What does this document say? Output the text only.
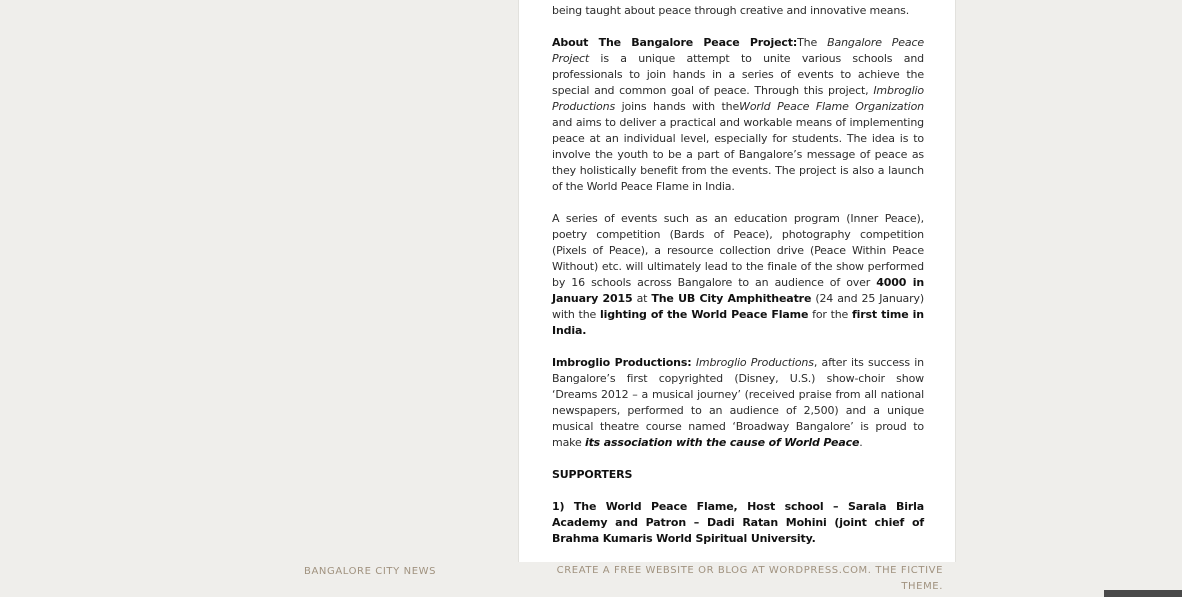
being taught about peace through creative and innovative means.

About The Bangalore Peace Project:The Bangalore Peace Project is a unique attempt to unite various schools and professionals to join hands in a series of events to achieve the special and common goal of peace. Through this project, Imbroglio Productions joins hands with theWorld Peace Flame Organization and aims to deliver a practical and workable means of implementing peace at an individual level, especially for students. The idea is to involve the youth to be a part of Bangalore’s message of peace as they holistically benefit from the events. The project is also a launch of the World Peace Flame in India.

A series of events such as an education program (Inner Peace), poetry competition (Bards of Peace), photography competition (Pixels of Peace), a resource collection drive (Peace Within Peace Without) etc. will ultimately lead to the finale of the show performed by 16 schools across Bangalore to an audience of over 4000 in January 2015 at The UB City Amphitheatre (24 and 25 January) with the lighting of the World Peace Flame for the first time in India.

Imbroglio Productions: Imbroglio Productions, after its success in Bangalore’s first copyrighted (Disney, U.S.) show-choir show ‘Dreams 2012 – a musical journey’ (received praise from all national newspapers, performed to an audience of 2,500) and a unique musical theatre course named ‘Broadway Bangalore’ is proud to make its association with the cause of World Peace.

SUPPORTERS

1) The World Peace Flame, Host school – Sarala Birla Academy and Patron – Dadi Ratan Mohini (joint chief of Brahma Kumaris World Spiritual University.

BANGALORE CITY NEWS	CREATE A FREE WEBSITE OR BLOG AT WORDPRESS.COM. THE FICTIVE THEME.
